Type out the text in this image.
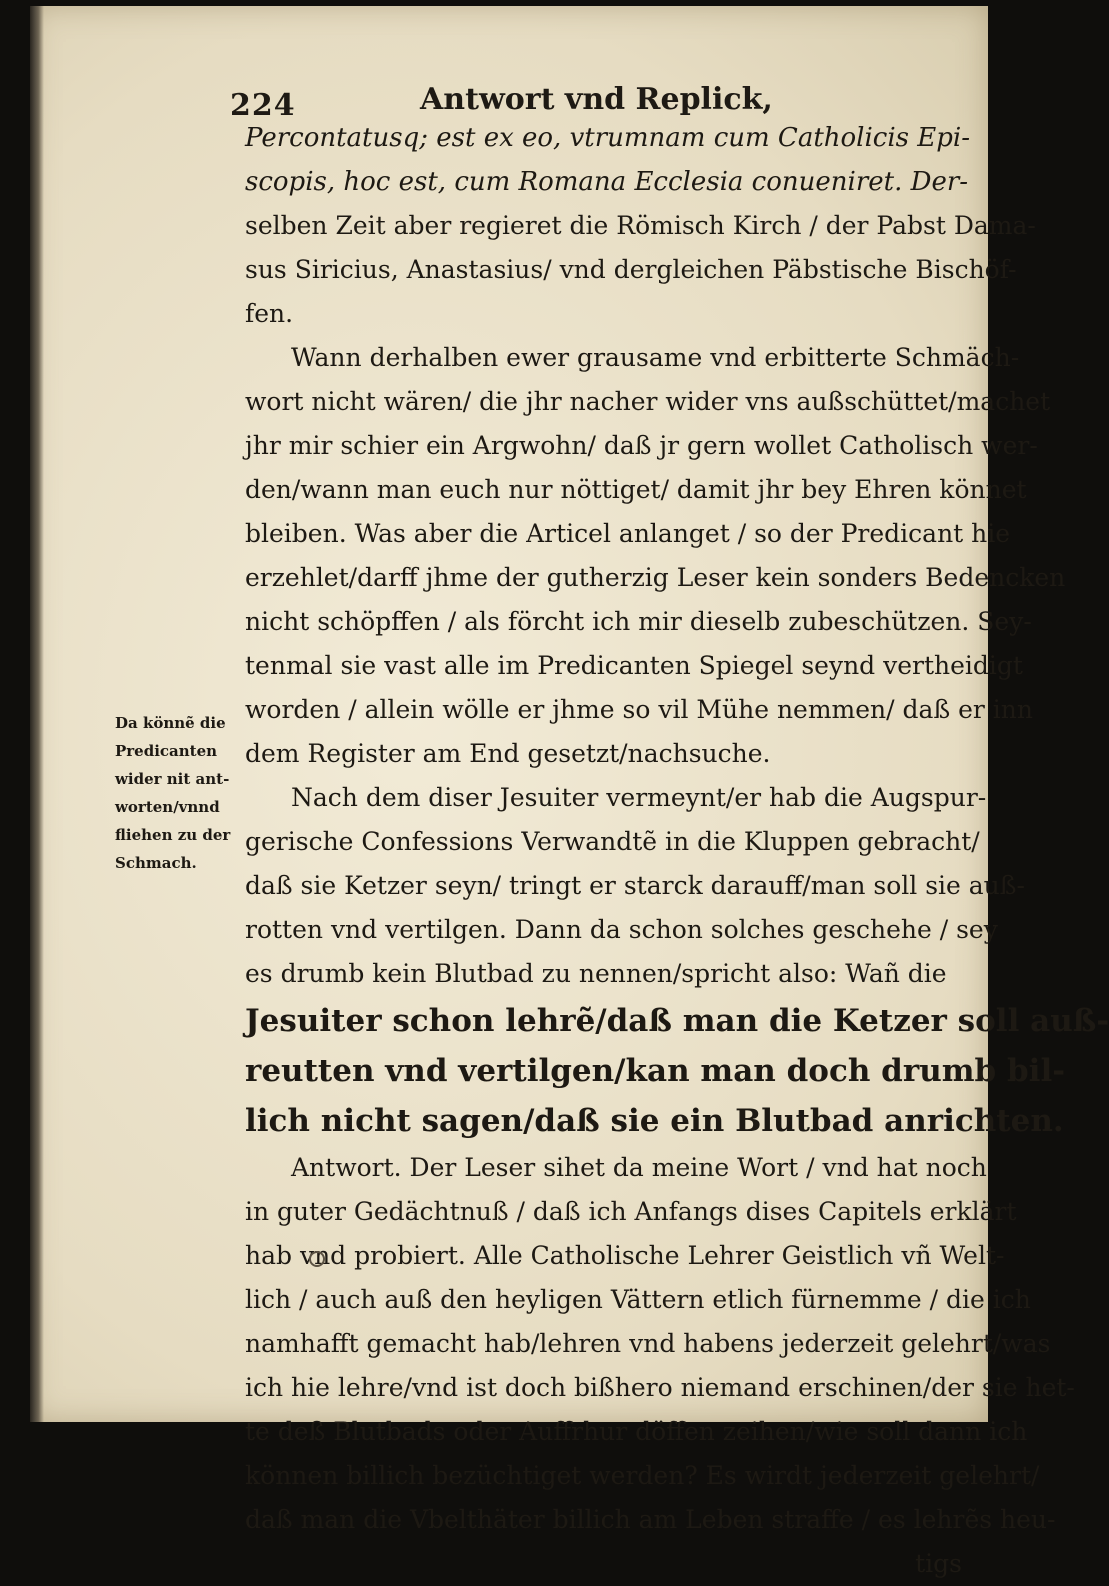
224	Antwort vnd Replick,
Percontatusq; est ex eo, vtrumnam cum Catholicis Epi-
scopis, hoc est, cum Romana Ecclesia conueniret. Der-
selben Zeit aber regieret die Römisch Kirch / der Pabst Dama-
sus Siricius, Anastasius/ vnd dergleichen Päbstische Bischöf-
fen.
Wann derhalben ewer grausame vnd erbitterte Schmäch-
wort nicht wären/ die jhr nacher wider vns außschüttet/machet
jhr mir schier ein Argwohn/ daß jr gern wollet Catholisch wer-
den/wann man euch nur nöttiget/ damit jhr bey Ehren könnet
bleiben. Was aber die Articel anlanget / so der Predicant hie
erzehlet/darff jhme der gutherzig Leser kein sonders Bedencken
nicht schöpffen / als förcht ich mir dieselb zubeschützen. Sey-
tenmal sie vast alle im Predicanten Spiegel seynd vertheidigt
worden / allein wölle er jhme so vil Mühe nemmen/ daß er inn
dem Register am End gesetzt/nachsuche.
Nach dem diser Jesuiter vermeynt/er hab die Augspur-
gerische Confessions Verwandtẽ in die Kluppen gebracht/
daß sie Ketzer seyn/ tringt er starck darauff/man soll sie auß-
rotten vnd vertilgen. Dann da schon solches geschehe / sey
es drumb kein Blutbad zu nennen/spricht also: Wañ die
Jesuiter schon lehrẽ/daß man die Ketzer soll auß-
reutten vnd vertilgen/kan man doch drumb bil-
lich nicht sagen/daß sie ein Blutbad anrichten.
Antwort. Der Leser sihet da meine Wort / vnd hat noch
in guter Gedächtnuß / daß ich Anfangs dises Capitels erklärt
hab vnd probiert. Alle Catholische Lehrer Geistlich vñ Welt-
lich / auch auß den heyligen Vättern etlich fürnemme / die ich
namhafft gemacht hab/lehren vnd habens jederzeit gelehrt/was
ich hie lehre/vnd ist doch bißhero niemand erschinen/der sie het-
te deß Blutbads oder Auffrhur döffen zeihen/wie soll dann ich
können billich bezüchtiget werden? Es wirdt jederzeit gelehrt/
daß man die Vbelthäter billich am Leben straffe / es lehrẽs heu-
tigs
Da könnẽ die
Predicanten
wider nit ant-
worten/vnnd
fliehen zu der
Schmach.
